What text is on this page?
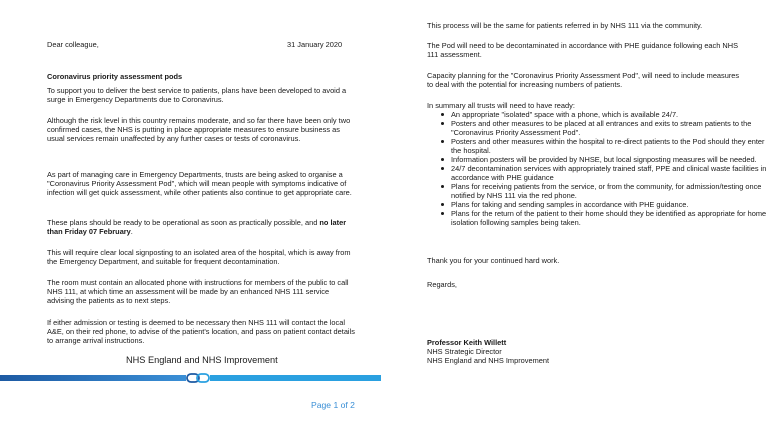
Dear colleague,	31 January 2020

Coronavirus priority assessment pods

To support you to deliver the best service to patients, plans have been developed to avoid a surge in Emergency Departments due to Coronavirus.

Although the risk level in this country remains moderate, and so far there have been only two confirmed cases, the NHS is putting in place appropriate measures to ensure business as usual services remain unaffected by any further cases or tests of coronavirus.

As part of managing care in Emergency Departments, trusts are being asked to organise a "Coronavirus Priority Assessment Pod", which will mean people with symptoms indicative of infection will get quick assessment, while other patients also continue to get appropriate care.

These plans should be ready to be operational as soon as practically possible, and no later than Friday 07 February.

This will require clear local signposting to an isolated area of the hospital, which is away from the Emergency Department, and suitable for frequent decontamination.

The room must contain an allocated phone with instructions for members of the public to call NHS 111, at which time an assessment will be made by an enhanced NHS 111 service advising the patients as to next steps.

If either admission or testing is deemed to be necessary then NHS 111 will contact the local A&E, on their red phone, to advise of the patient's location, and pass on patient contact details to arrange arrival instructions.

NHS England and NHS Improvement

Page 1 of 2

This process will be the same for patients referred in by NHS 111 via the community.

The Pod will need to be decontaminated in accordance with PHE guidance following each NHS 111 assessment.

Capacity planning for the "Coronavirus Priority Assessment Pod", will need to include measures to deal with the potential for increasing numbers of patients.

In summary all trusts will need to have ready:

An appropriate "isolated" space with a phone, which is available 24/7.
Posters and other measures to be placed at all entrances and exits to stream patients to the "Coronavirus Priority Assessment Pod".
Posters and other measures within the hospital to re-direct patients to the Pod should they enter the hospital.
Information posters will be provided by NHSE, but local signposting measures will be needed.
24/7 decontamination services with appropriately trained staff, PPE and clinical waste facilities in accordance with PHE guidance
Plans for receiving patients from the service, or from the community, for admission/testing once notified by NHS 111 via the red phone.
Plans for taking and sending samples in accordance with PHE guidance.
Plans for the return of the patient to their home should they be identified as appropriate for home isolation following samples being taken.

Thank you for your continued hard work.

Regards,

Professor Keith Willett

NHS Strategic Director

NHS England and NHS Improvement
